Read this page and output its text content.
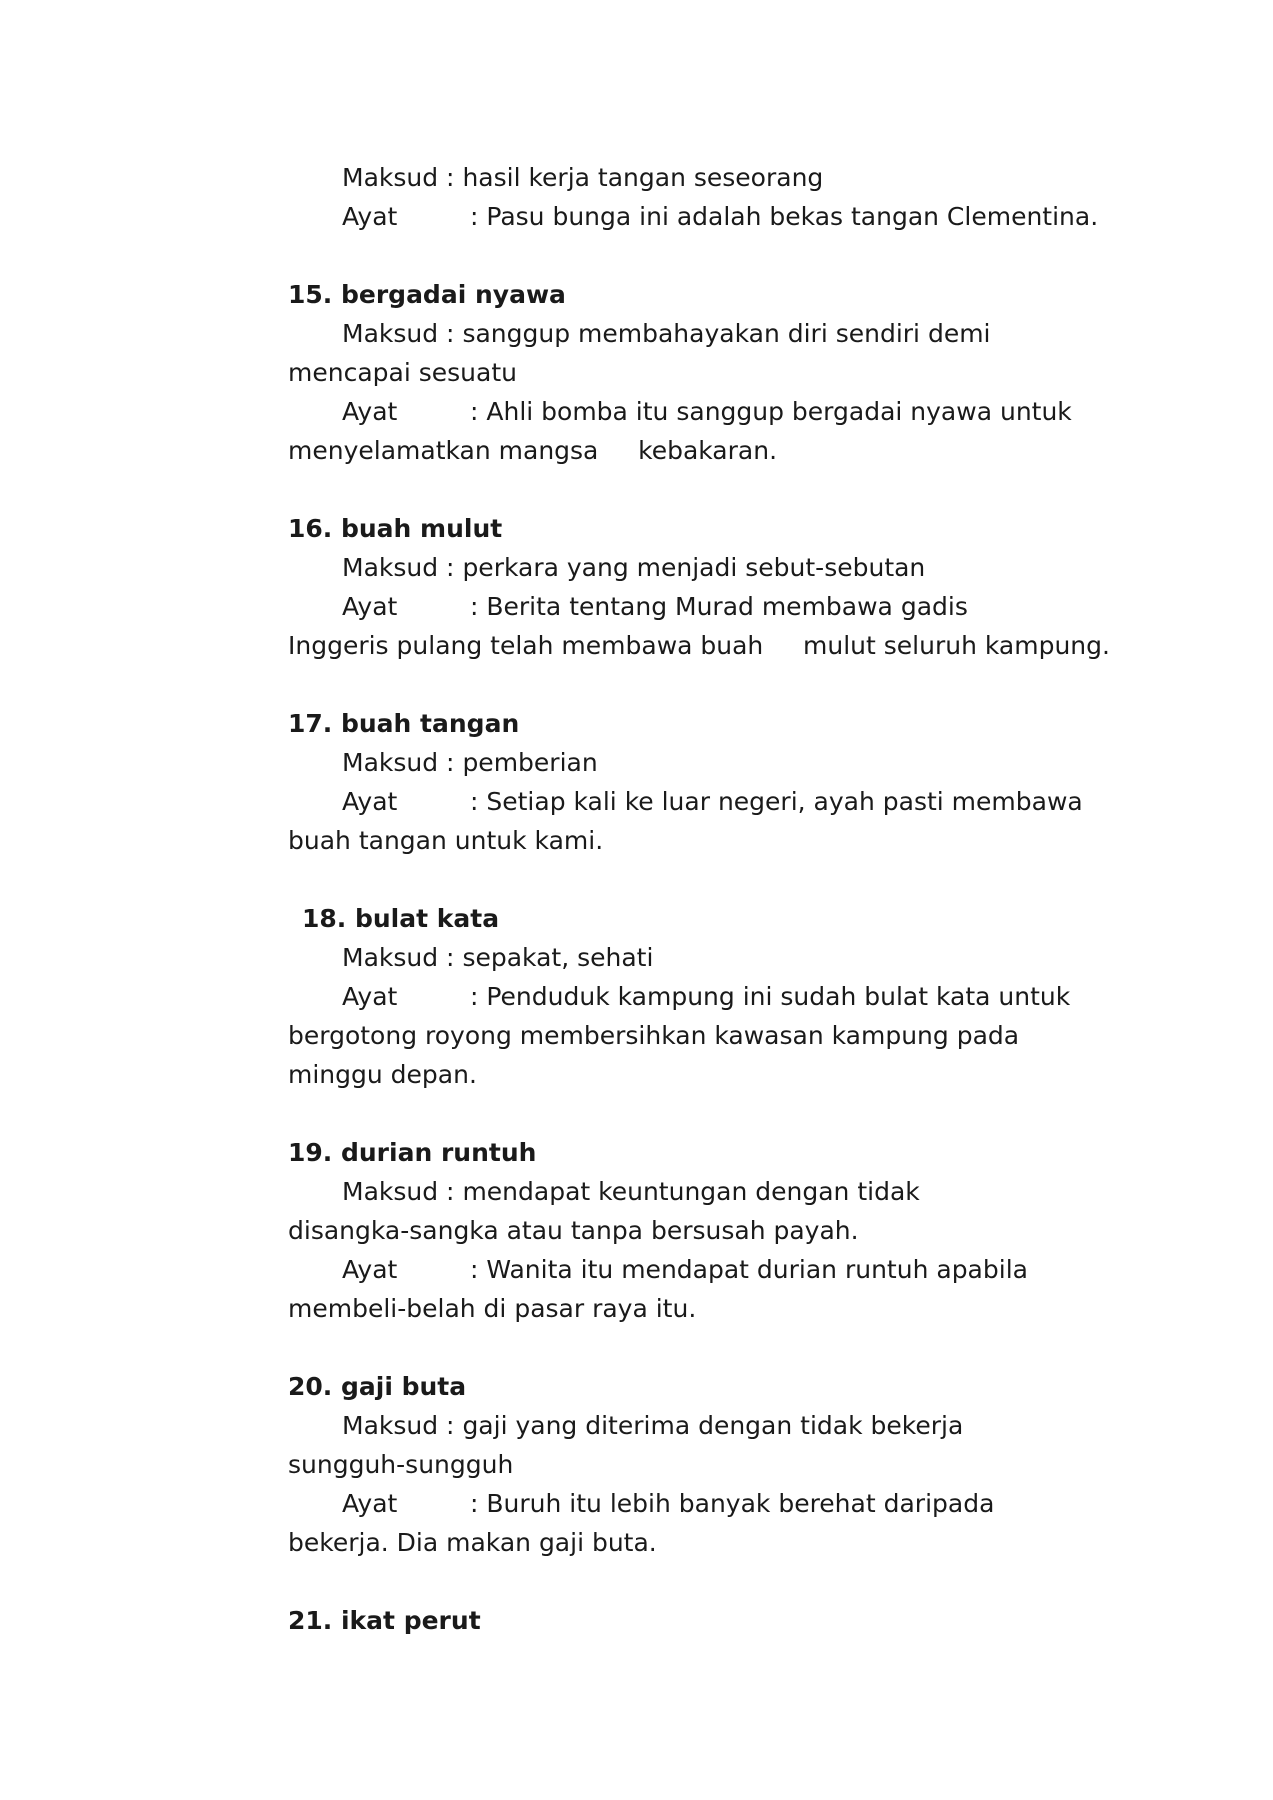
Maksud : hasil kerja tangan seseorang

Ayat	: Pasu bunga ini adalah bekas tangan Clementina.

15. bergadai nyawa

Maksud : sanggup membahayakan diri sendiri demi

mencapai sesuatu

Ayat	: Ahli bomba itu sanggup bergadai nyawa untuk

menyelamatkan mangsa     kebakaran.

16. buah mulut

Maksud : perkara yang menjadi sebut-sebutan

Ayat	: Berita tentang Murad membawa gadis

Inggeris pulang telah membawa buah     mulut seluruh kampung.

17. buah tangan

Maksud : pemberian

Ayat	: Setiap kali ke luar negeri, ayah pasti membawa

buah tangan untuk kami.

18. bulat kata

Maksud : sepakat, sehati

Ayat	: Penduduk kampung ini sudah bulat kata untuk

bergotong royong membersihkan kawasan kampung pada

minggu depan.

19. durian runtuh

Maksud : mendapat keuntungan dengan tidak

disangka-sangka atau tanpa bersusah payah.

Ayat	: Wanita itu mendapat durian runtuh apabila

membeli-belah di pasar raya itu.

20. gaji buta

Maksud : gaji yang diterima dengan tidak bekerja

sungguh-sungguh

Ayat	: Buruh itu lebih banyak berehat daripada

bekerja. Dia makan gaji buta.

21. ikat perut
